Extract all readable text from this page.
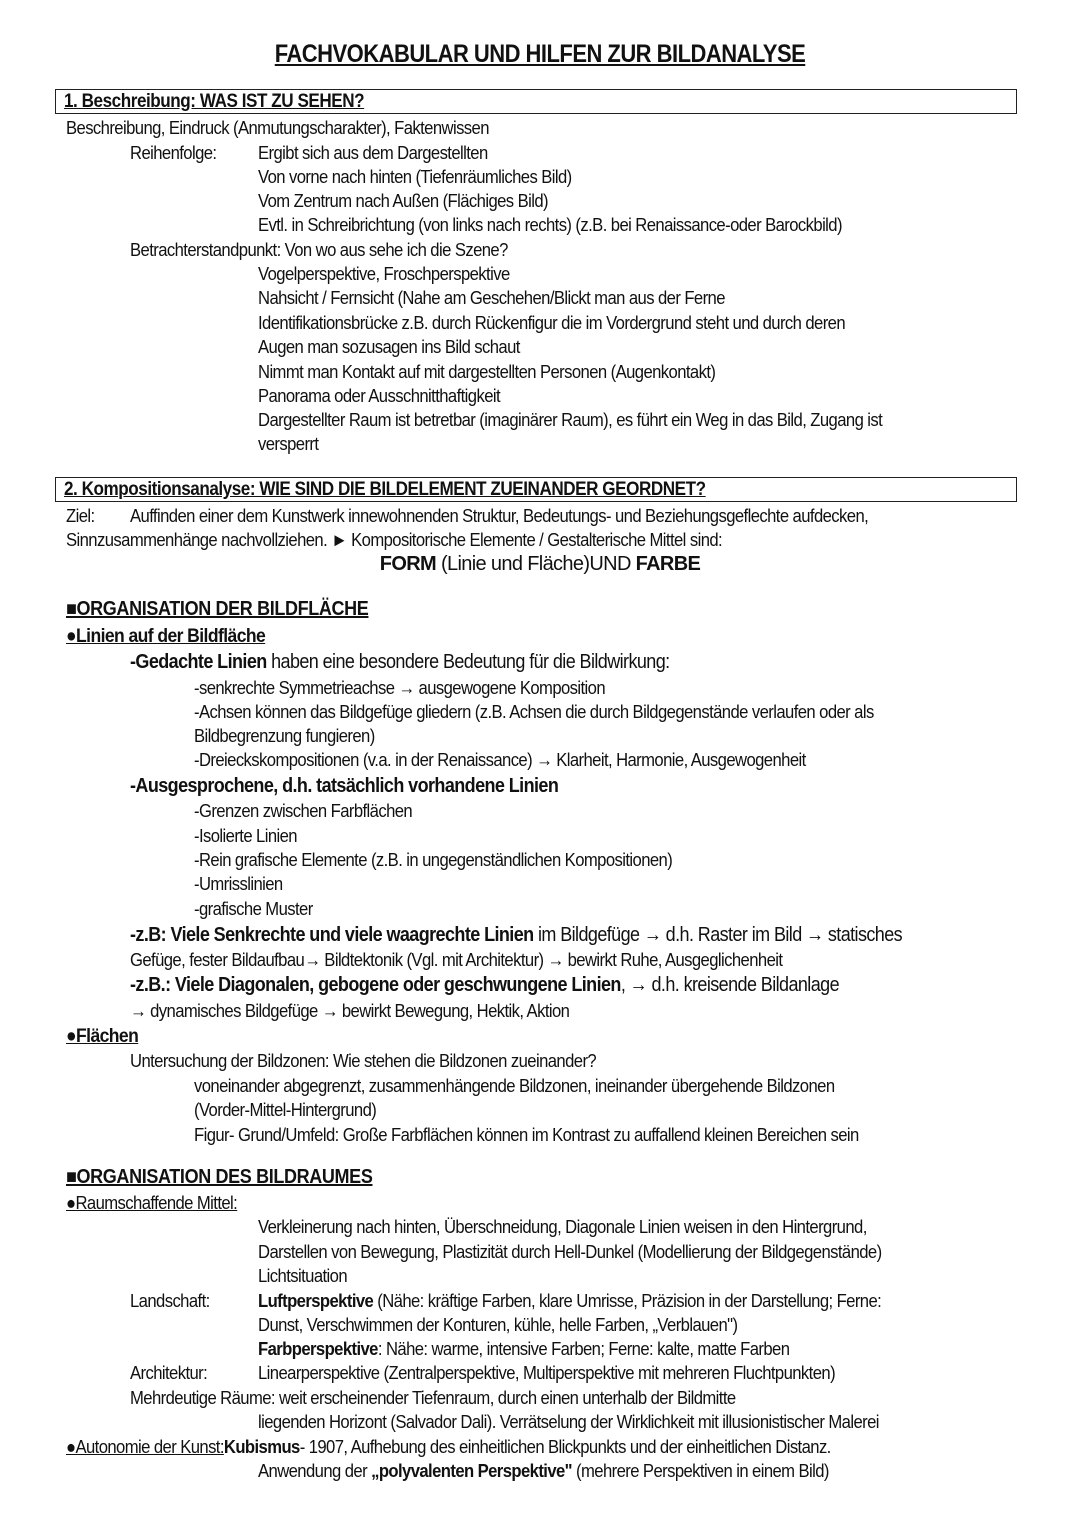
FACHVOKABULAR UND HILFEN ZUR BILDANALYSE
1. Beschreibung: WAS IST ZU SEHEN?
Beschreibung, Eindruck (Anmutungscharakter), Faktenwissen
Reihenfolge: Ergibt sich aus dem Dargestellten
Von vorne nach hinten (Tiefenräumliches Bild)
Vom Zentrum nach Außen (Flächiges Bild)
Evtl. in Schreibrichtung (von links nach rechts) (z.B. bei Renaissance-oder Barockbild)
Betrachterstandpunkt: Von wo aus sehe ich die Szene?
Vogelperspektive, Froschperspektive
Nahsicht / Fernsicht (Nahe am Geschehen/Blickt man aus der Ferne
Identifikationsbrücke z.B. durch Rückenfigur die im Vordergrund steht und durch deren
Augen man sozusagen ins Bild schaut
Nimmt man Kontakt auf mit dargestellten Personen (Augenkontakt)
Panorama oder Ausschnitthaftigkeit
Dargestellter Raum ist betretbar (imaginärer Raum), es führt ein Weg in das Bild, Zugang ist
versperrt
2. Kompositionsanalyse: WIE SIND DIE BILDELEMENT ZUEINANDER GEORDNET?
Ziel: Auffinden einer dem Kunstwerk innewohnenden Struktur, Bedeutungs- und Beziehungsgeflechte aufdecken,
Sinnzusammenhänge nachvollziehen. ► Kompositorische Elemente / Gestalterische Mittel sind:
FORM (Linie und Fläche)UND FARBE
■ORGANISATION DER BILDFLÄCHE
●Linien auf der Bildfläche
-Gedachte Linien haben eine besondere Bedeutung für die Bildwirkung:
-senkrechte Symmetrieachse → ausgewogene Komposition
-Achsen können das Bildgefüge gliedern (z.B. Achsen die durch Bildgegenstände verlaufen oder als
Bildbegrenzung fungieren)
-Dreieckskompositionen (v.a. in der Renaissance) → Klarheit, Harmonie, Ausgewogenheit
-Ausgesprochene, d.h. tatsächlich vorhandene Linien
-Grenzen zwischen Farbflächen
-Isolierte Linien
-Rein grafische Elemente (z.B. in ungegenständlichen Kompositionen)
-Umrisslinien
-grafische Muster
-z.B: Viele Senkrechte und viele waagrechte Linien im Bildgefüge → d.h. Raster im Bild → statisches
Gefüge, fester Bildaufbau→ Bildtektonik (Vgl. mit Architektur) → bewirkt Ruhe, Ausgeglichenheit
-z.B.: Viele Diagonalen, gebogene oder geschwungene Linien, → d.h. kreisende Bildanlage
→ dynamisches Bildgefüge → bewirkt Bewegung, Hektik, Aktion
●Flächen
Untersuchung der Bildzonen: Wie stehen die Bildzonen zueinander?
voneinander abgegrenzt, zusammenhängende Bildzonen, ineinander übergehende Bildzonen
(Vorder-Mittel-Hintergrund)
Figur- Grund/Umfeld: Große Farbflächen können im Kontrast zu auffallend kleinen Bereichen sein
■ORGANISATION DES BILDRAUMES
●Raumschaffende Mittel:
Verkleinerung nach hinten, Überschneidung, Diagonale Linien weisen in den Hintergrund,
Darstellen von Bewegung, Plastizität durch Hell-Dunkel (Modellierung der Bildgegenstände)
Lichtsituation
Landschaft:	Luftperspektive (Nähe: kräftige Farben, klare Umrisse, Präzision in der Darstellung; Ferne:
Dunst, Verschwimmen der Konturen, kühle, helle Farben, „Verblauen")
Farbperspektive: Nähe: warme, intensive Farben; Ferne: kalte, matte Farben
Architektur:	Linearperspektive (Zentralperspektive, Multiperspektive mit mehreren Fluchtpunkten)
Mehrdeutige Räume: weit erscheinender Tiefenraum, durch einen unterhalb der Bildmitte
liegenden Horizont (Salvador Dali). Verrätselung der Wirklichkeit mit illusionistischer Malerei
●Autonomie der Kunst:Kubismus- 1907, Aufhebung des einheitlichen Blickpunkts und der einheitlichen Distanz.
Anwendung der „polyvalenten Perspektive" (mehrere Perspektiven in einem Bild)
